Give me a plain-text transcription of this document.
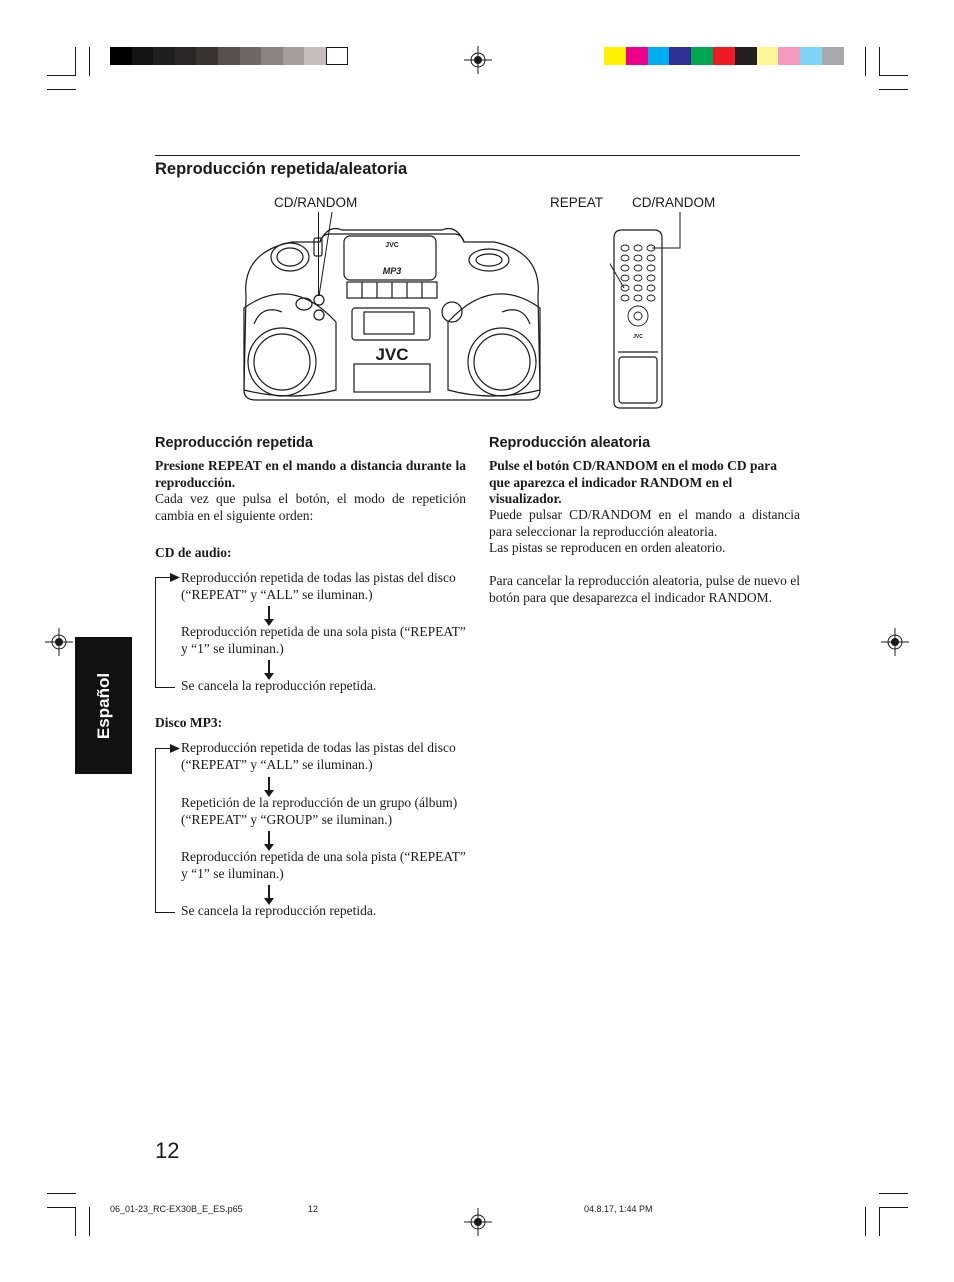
Reproducción repetida/aleatoria
CD/RANDOM	REPEAT CD/RANDOM
JVC
MP3
JVC
JVC
Reproducción repetida
Presione REPEAT en el mando a distancia durante la reproducción.
Cada vez que pulsa el botón, el modo de repetición cambia en el siguiente orden:
CD de audio:
Reproducción repetida de todas las pistas del disco (“REPEAT” y “ALL” se iluminan.)
Reproducción repetida de una sola pista (“REPEAT” y “1” se iluminan.)
Se cancela la reproducción repetida.
Disco MP3:
Reproducción repetida de todas las pistas del disco (“REPEAT” y “ALL” se iluminan.)
Repetición de la reproducción de un grupo (álbum) (“REPEAT” y “GROUP” se iluminan.)
Reproducción repetida de una sola pista (“REPEAT” y “1” se iluminan.)
Se cancela la reproducción repetida.
Reproducción aleatoria
Pulse el botón CD/RANDOM en el modo CD para que aparezca el indicador RANDOM en el visualizador.
Puede pulsar CD/RANDOM en el mando a distancia para seleccionar la reproducción aleatoria.
Las pistas se reproducen en orden aleatorio.
Para cancelar la reproducción aleatoria, pulse de nuevo el botón para que desaparezca el indicador RANDOM.
Español
12
06_01-23_RC-EX30B_E_ES.p65	12	04.8.17, 1:44 PM
